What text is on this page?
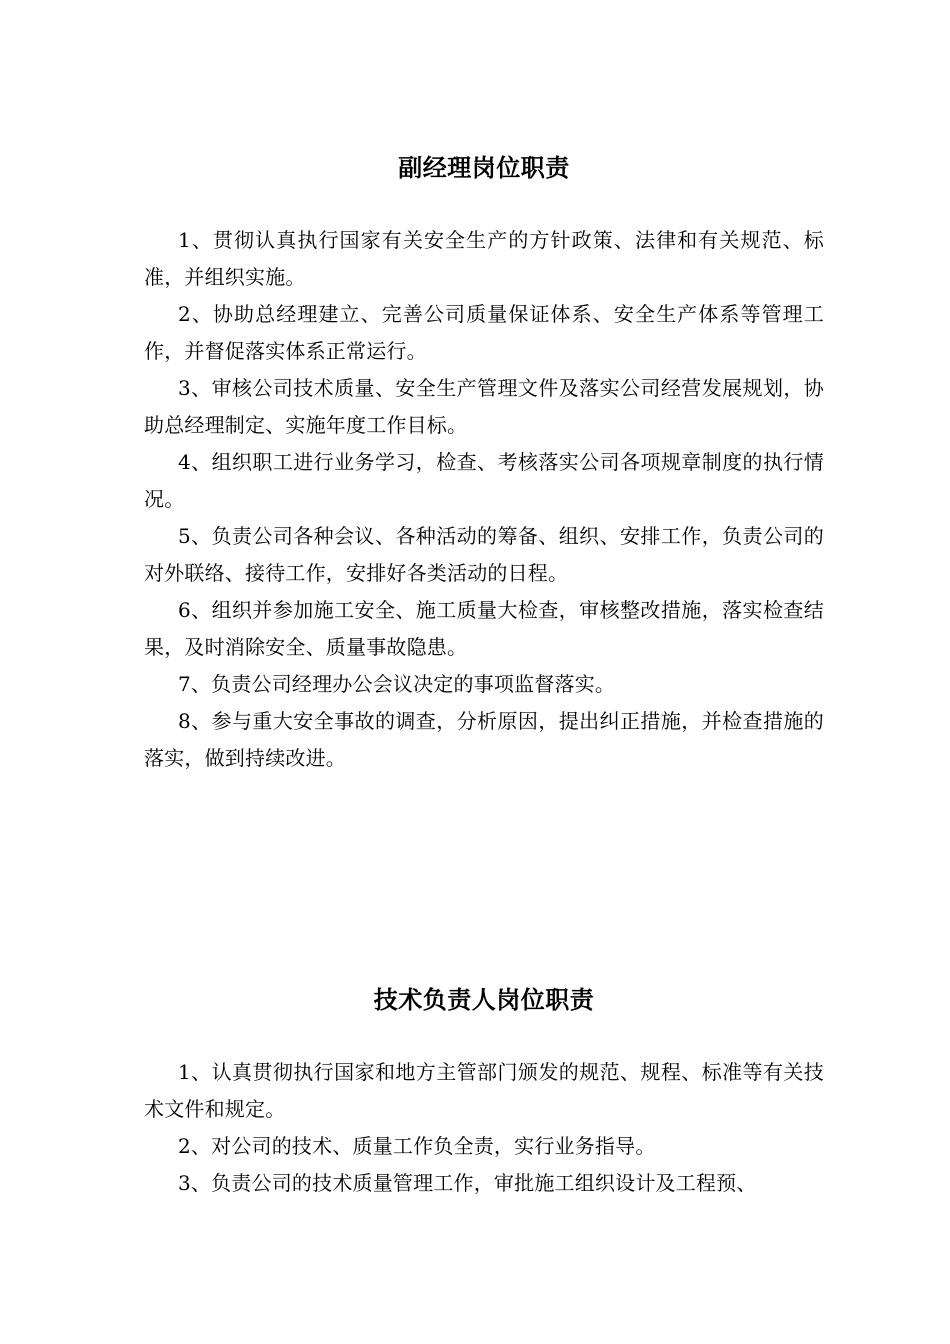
副经理岗位职责

1、贯彻认真执行国家有关安全生产的方针政策、法律和有关规范、标准，并组织实施。

2、协助总经理建立、完善公司质量保证体系、安全生产体系等管理工作，并督促落实体系正常运行。

3、审核公司技术质量、安全生产管理文件及落实公司经营发展规划，协助总经理制定、实施年度工作目标。

4、组织职工进行业务学习，检查、考核落实公司各项规章制度的执行情况。

5、负责公司各种会议、各种活动的筹备、组织、安排工作，负责公司的对外联络、接待工作，安排好各类活动的日程。

6、组织并参加施工安全、施工质量大检查，审核整改措施，落实检查结果，及时消除安全、质量事故隐患。

7、负责公司经理办公会议决定的事项监督落实。

8、参与重大安全事故的调查，分析原因，提出纠正措施，并检查措施的落实，做到持续改进。

技术负责人岗位职责

1、认真贯彻执行国家和地方主管部门颁发的规范、规程、标准等有关技术文件和规定。

2、对公司的技术、质量工作负全责，实行业务指导。

3、负责公司的技术质量管理工作，审批施工组织设计及工程预、
